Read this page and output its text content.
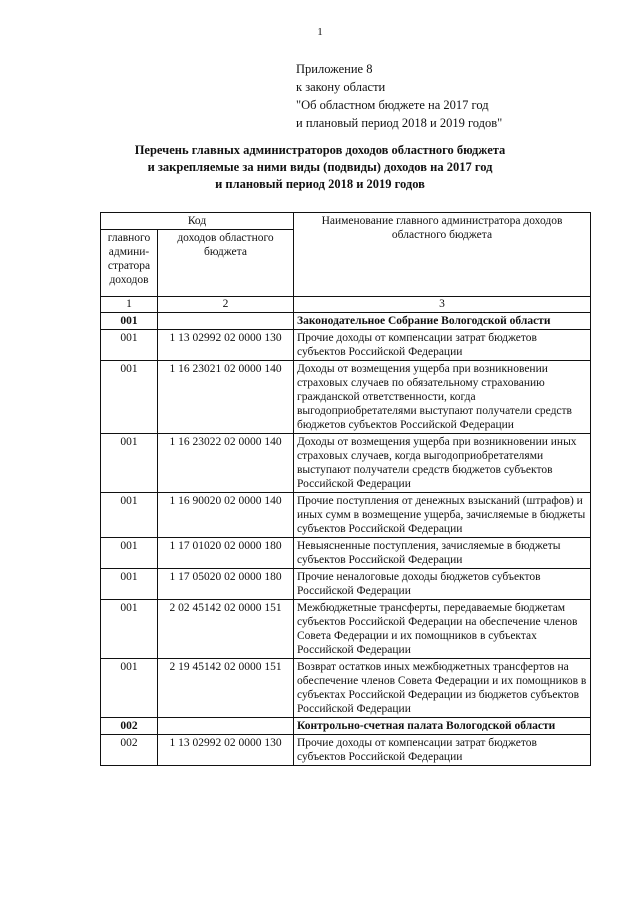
1
Приложение 8
к закону области
"Об областном бюджете на 2017 год
и плановый период 2018 и 2019 годов"
Перечень главных администраторов доходов областного бюджета
и закрепляемые за ними виды (подвиды) доходов на 2017 год
и плановый период 2018 и 2019 годов
Код		Наименование главного администратора доходов областного бюджета
главного админи- стратора доходов	доходов областного бюджета	
1	2	3
001		Законодательное Собрание Вологодской области
001	1 13 02992 02 0000 130	Прочие доходы от компенсации затрат бюджетов субъектов Российской Федерации
001	1 16 23021 02 0000 140	Доходы от возмещения ущерба при возникновении страховых случаев по обязательному страхованию гражданской ответственности, когда выгодоприобретателями выступают получатели средств бюджетов субъектов Российской Федерации
001	1 16 23022 02 0000 140	Доходы от возмещения ущерба при возникновении иных страховых случаев, когда выгодоприобретателями выступают получатели средств бюджетов субъектов Российской Федерации
001	1 16 90020 02 0000 140	Прочие поступления от денежных взысканий (штрафов) и иных сумм в возмещение ущерба, зачисляемые в бюджеты субъектов Российской Федерации
001	1 17 01020 02 0000 180	Невыясненные поступления, зачисляемые в бюджеты субъектов Российской Федерации
001	1 17 05020 02 0000 180	Прочие неналоговые доходы бюджетов субъектов Российской Федерации
001	2 02 45142 02 0000 151	Межбюджетные трансферты, передаваемые бюджетам субъектов Российской Федерации на обеспечение членов Совета Федерации и их помощников в субъектах Российской Федерации
001	2 19 45142 02 0000 151	Возврат остатков иных межбюджетных трансфертов на обеспечение членов Совета Федерации и их помощников в субъектах Российской Федерации из бюджетов субъектов Российской Федерации
002		Контрольно-счетная палата Вологодской области
002	1 13 02992 02 0000 130	Прочие доходы от компенсации затрат бюджетов субъектов Российской Федерации
